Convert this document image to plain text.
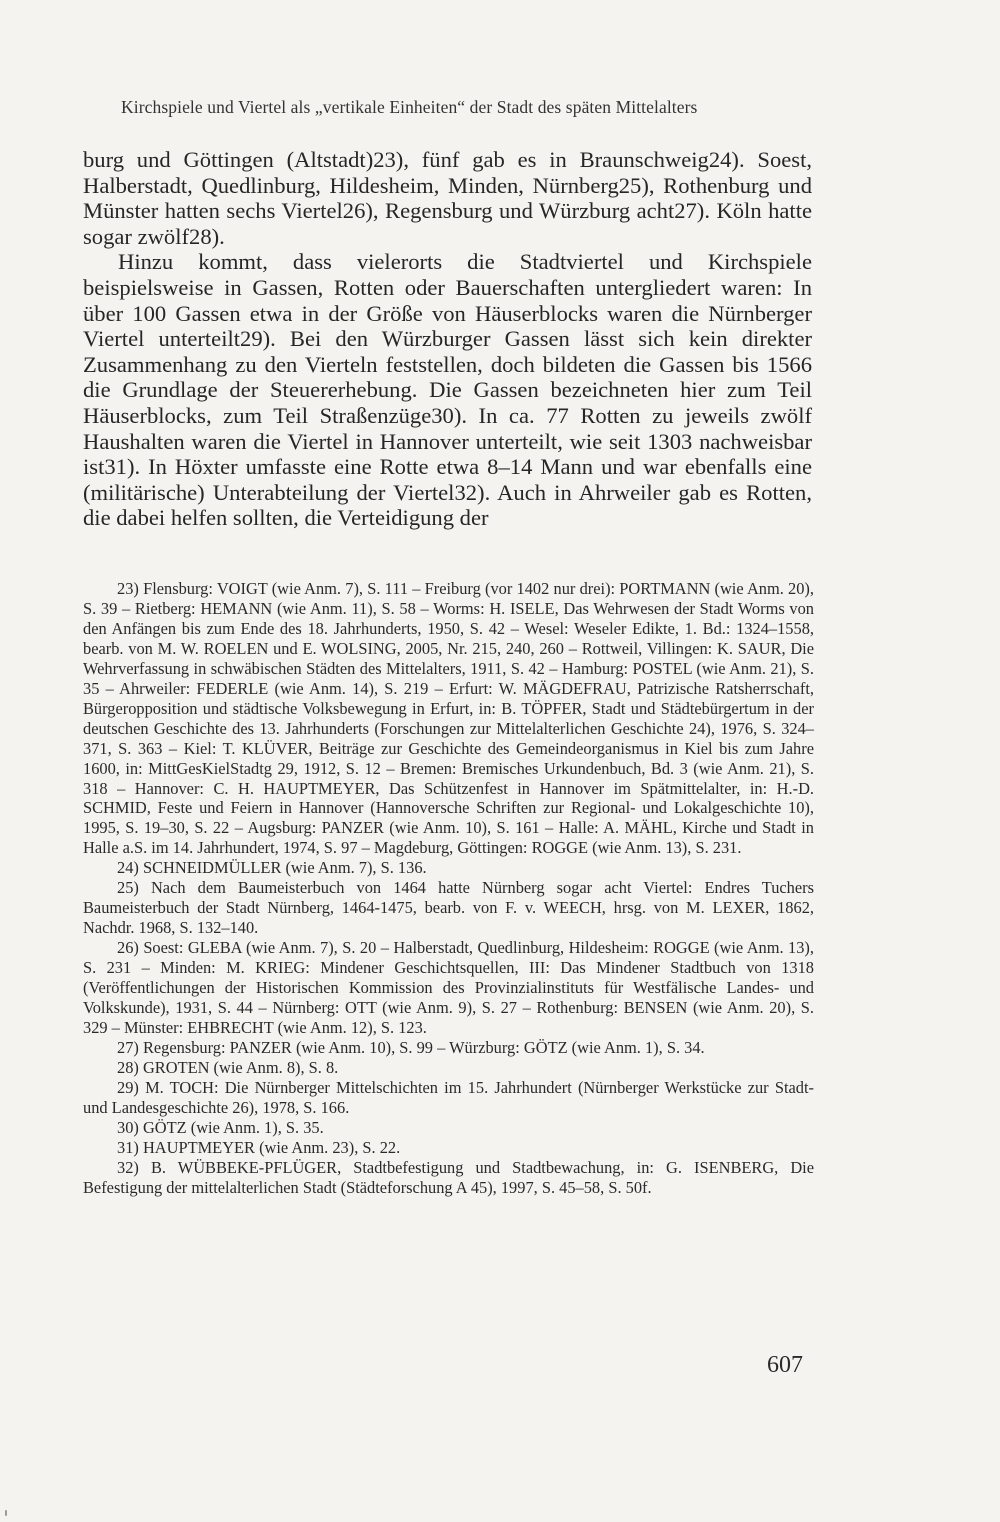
Kirchspiele und Viertel als „vertikale Einheiten“ der Stadt des späten Mittelalters

burg und Göttingen (Altstadt)23), fünf gab es in Braunschweig24). Soest, Halberstadt, Quedlinburg, Hildesheim, Minden, Nürnberg25), Rothenburg und Münster hatten sechs Viertel26), Regensburg und Würzburg acht27). Köln hatte sogar zwölf28).

Hinzu kommt, dass vielerorts die Stadtviertel und Kirchspiele beispielsweise in Gassen, Rotten oder Bauerschaften untergliedert waren: In über 100 Gassen etwa in der Größe von Häuserblocks waren die Nürnberger Viertel unterteilt29). Bei den Würzburger Gassen lässt sich kein direkter Zusammenhang zu den Vierteln feststellen, doch bildeten die Gassen bis 1566 die Grundlage der Steuererhebung. Die Gassen bezeichneten hier zum Teil Häuserblocks, zum Teil Straßenzüge30). In ca. 77 Rotten zu jeweils zwölf Haushalten waren die Viertel in Hannover unterteilt, wie seit 1303 nachweisbar ist31). In Höxter umfasste eine Rotte etwa 8–14 Mann und war ebenfalls eine (militärische) Unterabteilung der Viertel32). Auch in Ahrweiler gab es Rotten, die dabei helfen sollten, die Verteidigung der

23) Flensburg: VOIGT (wie Anm. 7), S. 111 – Freiburg (vor 1402 nur drei): PORTMANN (wie Anm. 20), S. 39 – Rietberg: HEMANN (wie Anm. 11), S. 58 – Worms: H. ISELE, Das Wehrwesen der Stadt Worms von den Anfängen bis zum Ende des 18. Jahrhunderts, 1950, S. 42 – Wesel: Weseler Edikte, 1. Bd.: 1324–1558, bearb. von M. W. ROELEN und E. WOLSING, 2005, Nr. 215, 240, 260 – Rottweil, Villingen: K. SAUR, Die Wehrverfassung in schwäbischen Städten des Mittelalters, 1911, S. 42 – Hamburg: POSTEL (wie Anm. 21), S. 35 – Ahrweiler: FEDERLE (wie Anm. 14), S. 219 – Erfurt: W. MÄGDEFRAU, Patrizische Ratsherrschaft, Bürgeropposition und städtische Volksbewegung in Erfurt, in: B. TÖPFER, Stadt und Städtebürgertum in der deutschen Geschichte des 13. Jahrhunderts (Forschungen zur Mittelalterlichen Geschichte 24), 1976, S. 324–371, S. 363 – Kiel: T. KLÜVER, Beiträge zur Geschichte des Gemeindeorganismus in Kiel bis zum Jahre 1600, in: MittGesKielStadtg 29, 1912, S. 12 – Bremen: Bremisches Urkundenbuch, Bd. 3 (wie Anm. 21), S. 318 – Hannover: C. H. HAUPTMEYER, Das Schützenfest in Hannover im Spätmittelalter, in: H.-D. SCHMID, Feste und Feiern in Hannover (Hannoversche Schriften zur Regional- und Lokalgeschichte 10), 1995, S. 19–30, S. 22 – Augsburg: PANZER (wie Anm. 10), S. 161 – Halle: A. MÄHL, Kirche und Stadt in Halle a.S. im 14. Jahrhundert, 1974, S. 97 – Magdeburg, Göttingen: ROGGE (wie Anm. 13), S. 231.

24) SCHNEIDMÜLLER (wie Anm. 7), S. 136.

25) Nach dem Baumeisterbuch von 1464 hatte Nürnberg sogar acht Viertel: Endres Tuchers Baumeisterbuch der Stadt Nürnberg, 1464-1475, bearb. von F. v. WEECH, hrsg. von M. LEXER, 1862, Nachdr. 1968, S. 132–140.

26) Soest: GLEBA (wie Anm. 7), S. 20 – Halberstadt, Quedlinburg, Hildesheim: ROGGE (wie Anm. 13), S. 231 – Minden: M. KRIEG: Mindener Geschichtsquellen, III: Das Mindener Stadtbuch von 1318 (Veröffentlichungen der Historischen Kommission des Provinzialinstituts für Westfälische Landes- und Volkskunde), 1931, S. 44 – Nürnberg: OTT (wie Anm. 9), S. 27 – Rothenburg: BENSEN (wie Anm. 20), S. 329 – Münster: EHBRECHT (wie Anm. 12), S. 123.

27) Regensburg: PANZER (wie Anm. 10), S. 99 – Würzburg: GÖTZ (wie Anm. 1), S. 34.

28) GROTEN (wie Anm. 8), S. 8.

29) M. TOCH: Die Nürnberger Mittelschichten im 15. Jahrhundert (Nürnberger Werkstücke zur Stadt- und Landesgeschichte 26), 1978, S. 166.

30) GÖTZ (wie Anm. 1), S. 35.

31) HAUPTMEYER (wie Anm. 23), S. 22.

32) B. WÜBBEKE-PFLÜGER, Stadtbefestigung und Stadtbewachung, in: G. ISENBERG, Die Befestigung der mittelalterlichen Stadt (Städteforschung A 45), 1997, S. 45–58, S. 50f.

607
